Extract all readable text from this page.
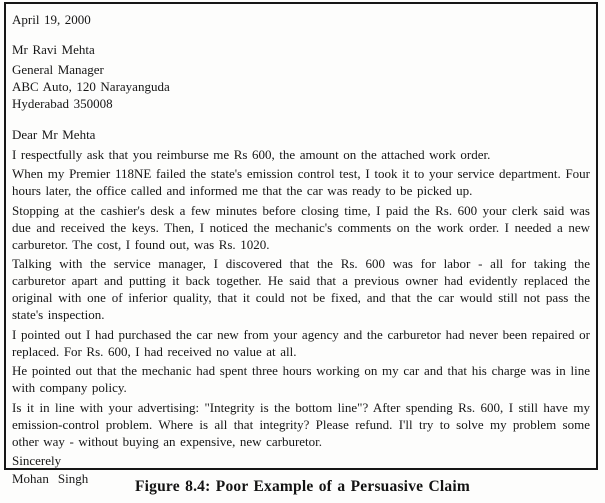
April 19, 2000

Mr Ravi Mehta

General Manager

ABC Auto, 120 Narayanguda

Hyderabad 350008

Dear Mr Mehta

I respectfully ask that you reimburse me Rs 600, the amount on the attached work order.

When my Premier 118NE failed the state's emission control test, I took it to your service department. Four hours later, the office called and informed me that the car was ready to be picked up.

Stopping at the cashier's desk a few minutes before closing time, I paid the Rs. 600 your clerk said was due and received the keys. Then, I noticed the mechanic's comments on the work order. I needed a new carburetor. The cost, I found out, was Rs. 1020.

Talking with the service manager, I discovered that the Rs. 600 was for labor - all for taking the carburetor apart and putting it back together. He said that a previous owner had evidently replaced the original with one of inferior quality, that it could not be fixed, and that the car would still not pass the state's inspection.

I pointed out I had purchased the car new from your agency and the carburetor had never been repaired or replaced. For Rs. 600, I had received no value at all.

He pointed out that the mechanic had spent three hours working on my car and that his charge was in line with company policy.

Is it in line with your advertising: "Integrity is the bottom line"? After spending Rs. 600, I still have my emission-control problem. Where is all that integrity? Please refund. I'll try to solve my problem some other way - without buying an expensive, new carburetor.

Sincerely

Mohan Singh	Figure 8.4: Poor Example of a Persuasive Claim
